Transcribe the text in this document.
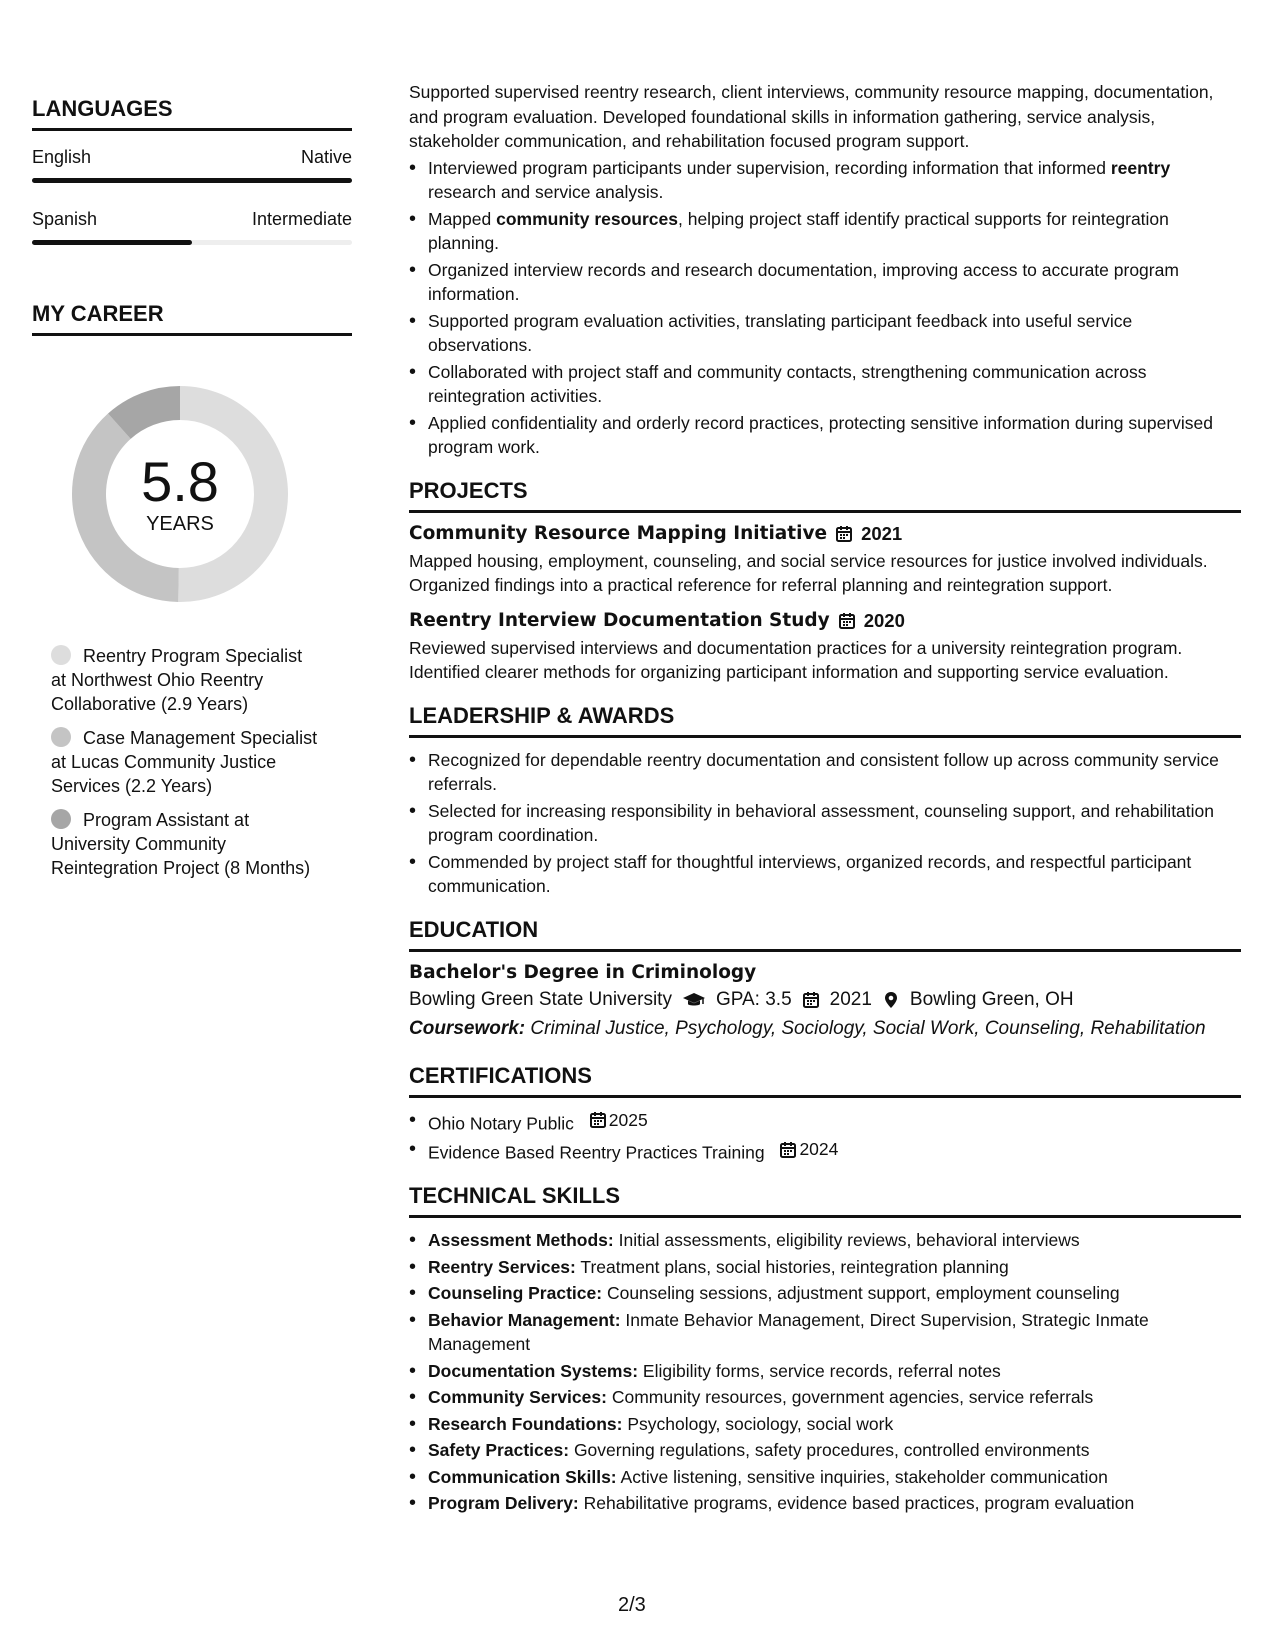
LANGUAGES
English	Native
Spanish	Intermediate
MY CAREER
5.8
YEARS
Reentry Program Specialist at Northwest Ohio Reentry Collaborative (2.9 Years)
Case Management Specialist at Lucas Community Justice Services (2.2 Years)
Program Assistant at University Community Reintegration Project (8 Months)
Supported supervised reentry research, client interviews, community resource mapping, documentation, and program evaluation. Developed foundational skills in information gathering, service analysis, stakeholder communication, and rehabilitation focused program support.
• Interviewed program participants under supervision, recording information that informed reentry research and service analysis.
• Mapped community resources, helping project staff identify practical supports for reintegration planning.
• Organized interview records and research documentation, improving access to accurate program information.
• Supported program evaluation activities, translating participant feedback into useful service observations.
• Collaborated with project staff and community contacts, strengthening communication across reintegration activities.
• Applied confidentiality and orderly record practices, protecting sensitive information during supervised program work.
PROJECTS
Community Resource Mapping Initiative 2021
Mapped housing, employment, counseling, and social service resources for justice involved individuals. Organized findings into a practical reference for referral planning and reintegration support.
Reentry Interview Documentation Study 2020
Reviewed supervised interviews and documentation practices for a university reintegration program. Identified clearer methods for organizing participant information and supporting service evaluation.
LEADERSHIP & AWARDS
• Recognized for dependable reentry documentation and consistent follow up across community service referrals.
• Selected for increasing responsibility in behavioral assessment, counseling support, and rehabilitation program coordination.
• Commended by project staff for thoughtful interviews, organized records, and respectful participant communication.
EDUCATION
Bachelor's Degree in Criminology
Bowling Green State University GPA: 3.5 2021 Bowling Green, OH
Coursework: Criminal Justice, Psychology, Sociology, Social Work, Counseling, Rehabilitation
CERTIFICATIONS
• Ohio Notary Public 2025
• Evidence Based Reentry Practices Training 2024
TECHNICAL SKILLS
• Assessment Methods: Initial assessments, eligibility reviews, behavioral interviews
• Reentry Services: Treatment plans, social histories, reintegration planning
• Counseling Practice: Counseling sessions, adjustment support, employment counseling
• Behavior Management: Inmate Behavior Management, Direct Supervision, Strategic Inmate Management
• Documentation Systems: Eligibility forms, service records, referral notes
• Community Services: Community resources, government agencies, service referrals
• Research Foundations: Psychology, sociology, social work
• Safety Practices: Governing regulations, safety procedures, controlled environments
• Communication Skills: Active listening, sensitive inquiries, stakeholder communication
• Program Delivery: Rehabilitative programs, evidence based practices, program evaluation
2/3
